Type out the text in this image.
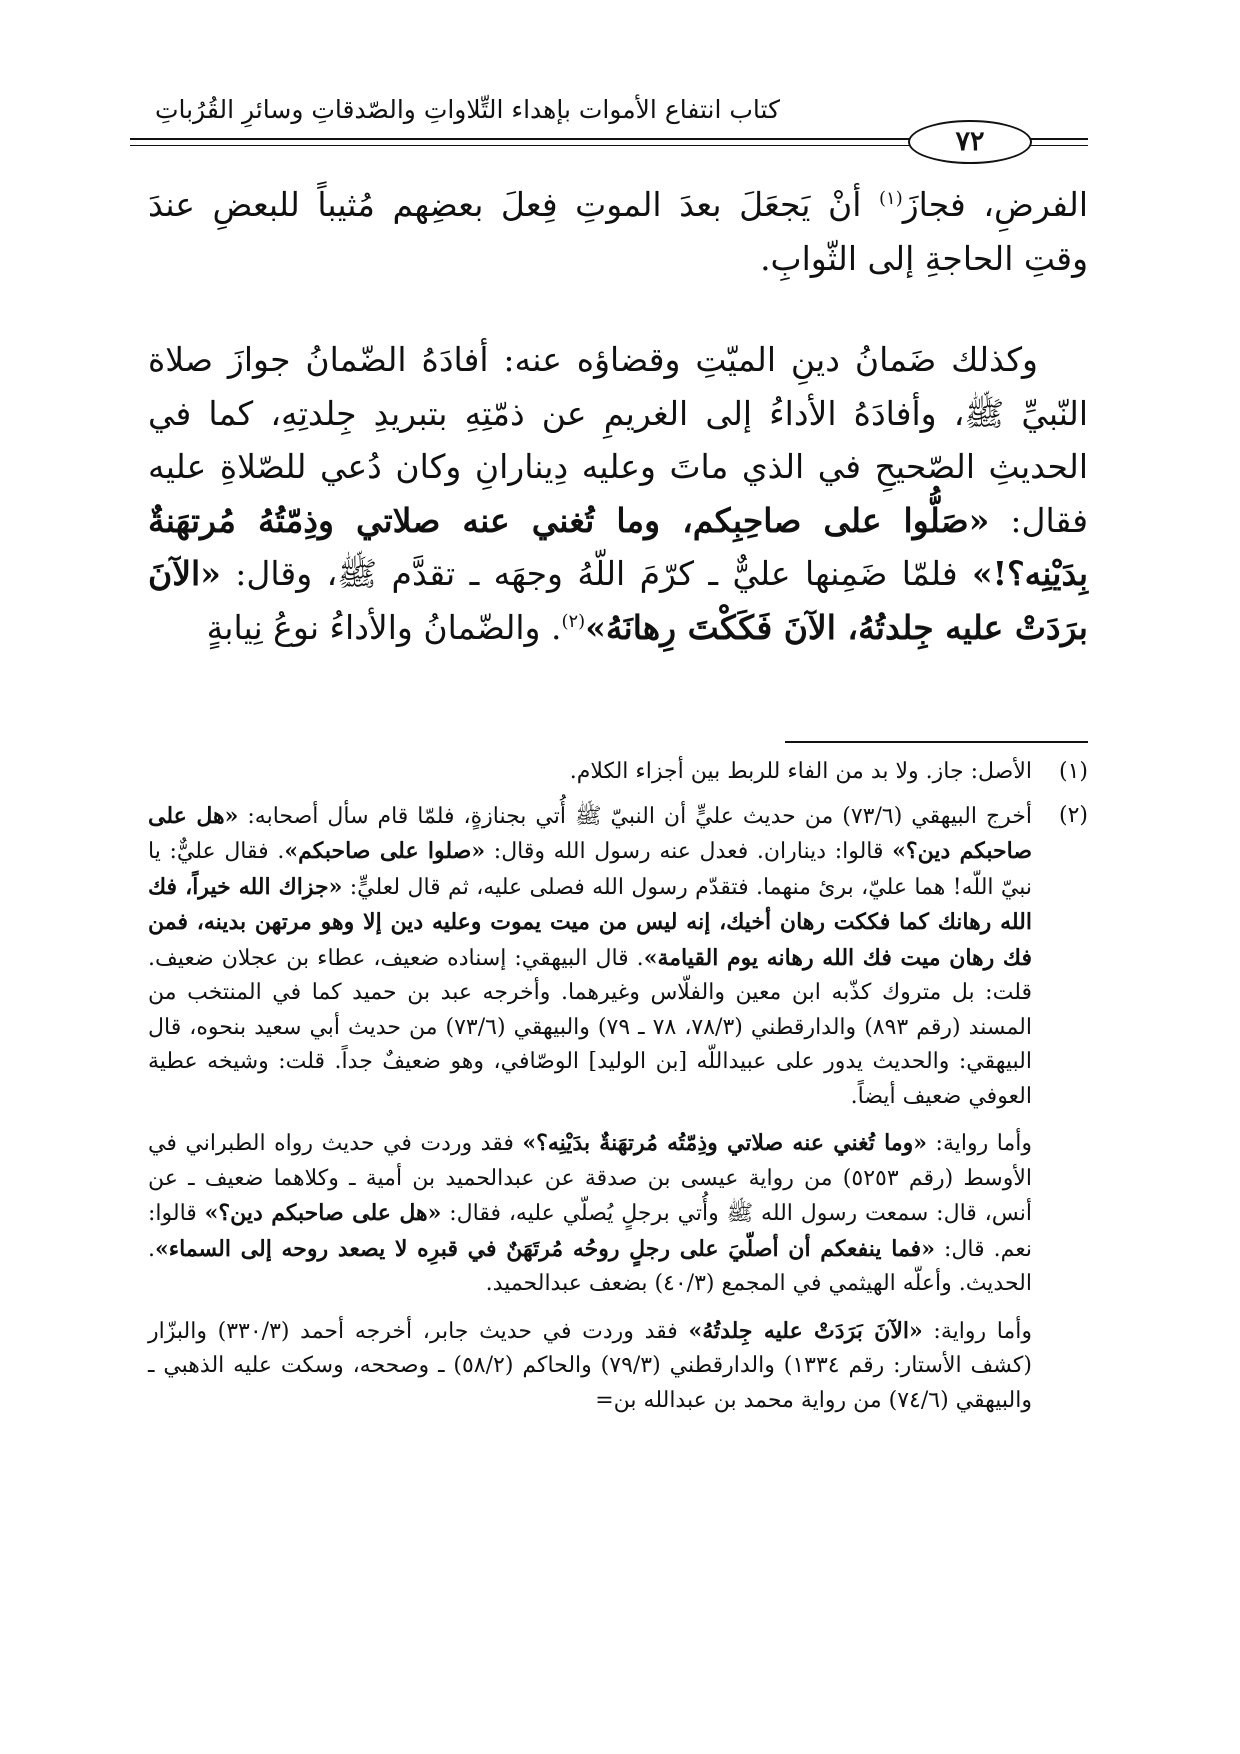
كتاب انتفاع الأموات بإهداء التِّلاواتِ والصّدقاتِ وسائرِ القُرُباتِ
٧٢

الفرضِ، فجازَ$^{(١)}$ أنْ يَجعَلَ بعدَ الموتِ فِعلَ بعضِهم مُثيباً للبعضِ عندَ وقتِ الحاجةِ إلى الثّوابِ.

وكذلك ضَمانُ دينِ الميّتِ وقضاؤه عنه: أفادَهُ الضّمانُ جوازَ صلاة النّبيِّ ﷺ، وأفادَهُ الأداءُ إلى الغريمِ عن ذمّتِهِ بتبريدِ جِلدتِهِ، كما في الحديثِ الصّحيحِ في الذي ماتَ وعليه دِينارانِ وكان دُعي للصّلاةِ عليه فقال: «صَلُّوا على صاحِبِكم، وما تُغني عنه صلاتي وذِمّتُهُ مُرتهَنةٌ بِدَيْنِه؟!» فلمّا ضَمِنها عليٌّ ـ كرّمَ اللّهُ وجهَه ـ تقدَّم ﷺ، وقال: «الآنَ برَدَتْ عليه جِلدتُهُ، الآنَ فَكَكْتَ رِهانَهُ»$^{(٢)}$. والضّمانُ والأداءُ نوعُ نِيابةٍ

(١)

الأصل: جاز. ولا بد من الفاء للربط بين أجزاء الكلام.

(٢)

أخرج البيهقي (٧٣/٦) من حديث عليٍّ أن النبيّ ﷺ أُتي بجنازةٍ، فلمّا قام سأل أصحابه: «هل على صاحبكم دين؟» قالوا: ديناران. فعدل عنه رسول الله وقال: «صلوا على صاحبكم». فقال عليٌّ: يا نبيّ اللّه! هما عليّ، برئ منهما. فتقدّم رسول الله فصلى عليه، ثم قال لعليٍّ: «جزاك الله خيراً، فك الله رهانك كما فككت رهان أخيك، إنه ليس من ميت يموت وعليه دين إلا وهو مرتهن بدينه، فمن فك رهان ميت فك الله رهانه يوم القيامة». قال البيهقي: إسناده ضعيف، عطاء بن عجلان ضعيف. قلت: بل متروك كذّبه ابن معين والفلّاس وغيرهما. وأخرجه عبد بن حميد كما في المنتخب من المسند (رقم ٨٩٣) والدارقطني (٧٨/٣، ٧٨ ـ ٧٩) والبيهقي (٧٣/٦) من حديث أبي سعيد بنحوه، قال البيهقي: والحديث يدور على عبيداللّه [بن الوليد] الوصّافي، وهو ضعيفٌ جداً. قلت: وشيخه عطية العوفي ضعيف أيضاً.

وأما رواية: «وما تُغني عنه صلاتي وذِمّتُه مُرتهَنةٌ بدَيْنِه؟» فقد وردت في حديث رواه الطبراني في الأوسط (رقم ٥٢٥٣) من رواية عيسى بن صدقة عن عبدالحميد بن أمية ـ وكلاهما ضعيف ـ عن أنس، قال: سمعت رسول الله ﷺ وأُتي برجلٍ يُصلّي عليه، فقال: «هل على صاحبكم دين؟» قالوا: نعم. قال: «فما ينفعكم أن أصلّيَ على رجلٍ روحُه مُرتَهَنٌ في قبرِه لا يصعد روحه إلى السماء». الحديث. وأعلّه الهيثمي في المجمع (٤٠/٣) بضعف عبدالحميد.

وأما رواية: «الآنَ بَرَدَتْ عليه جِلدتُهُ» فقد وردت في حديث جابر، أخرجه أحمد (٣٣٠/٣) والبزّار (كشف الأستار: رقم ١٣٣٤) والدارقطني (٧٩/٣) والحاكم (٥٨/٢) ـ وصححه، وسكت عليه الذهبي ـ والبيهقي (٧٤/٦) من رواية محمد بن عبدالله بن=
